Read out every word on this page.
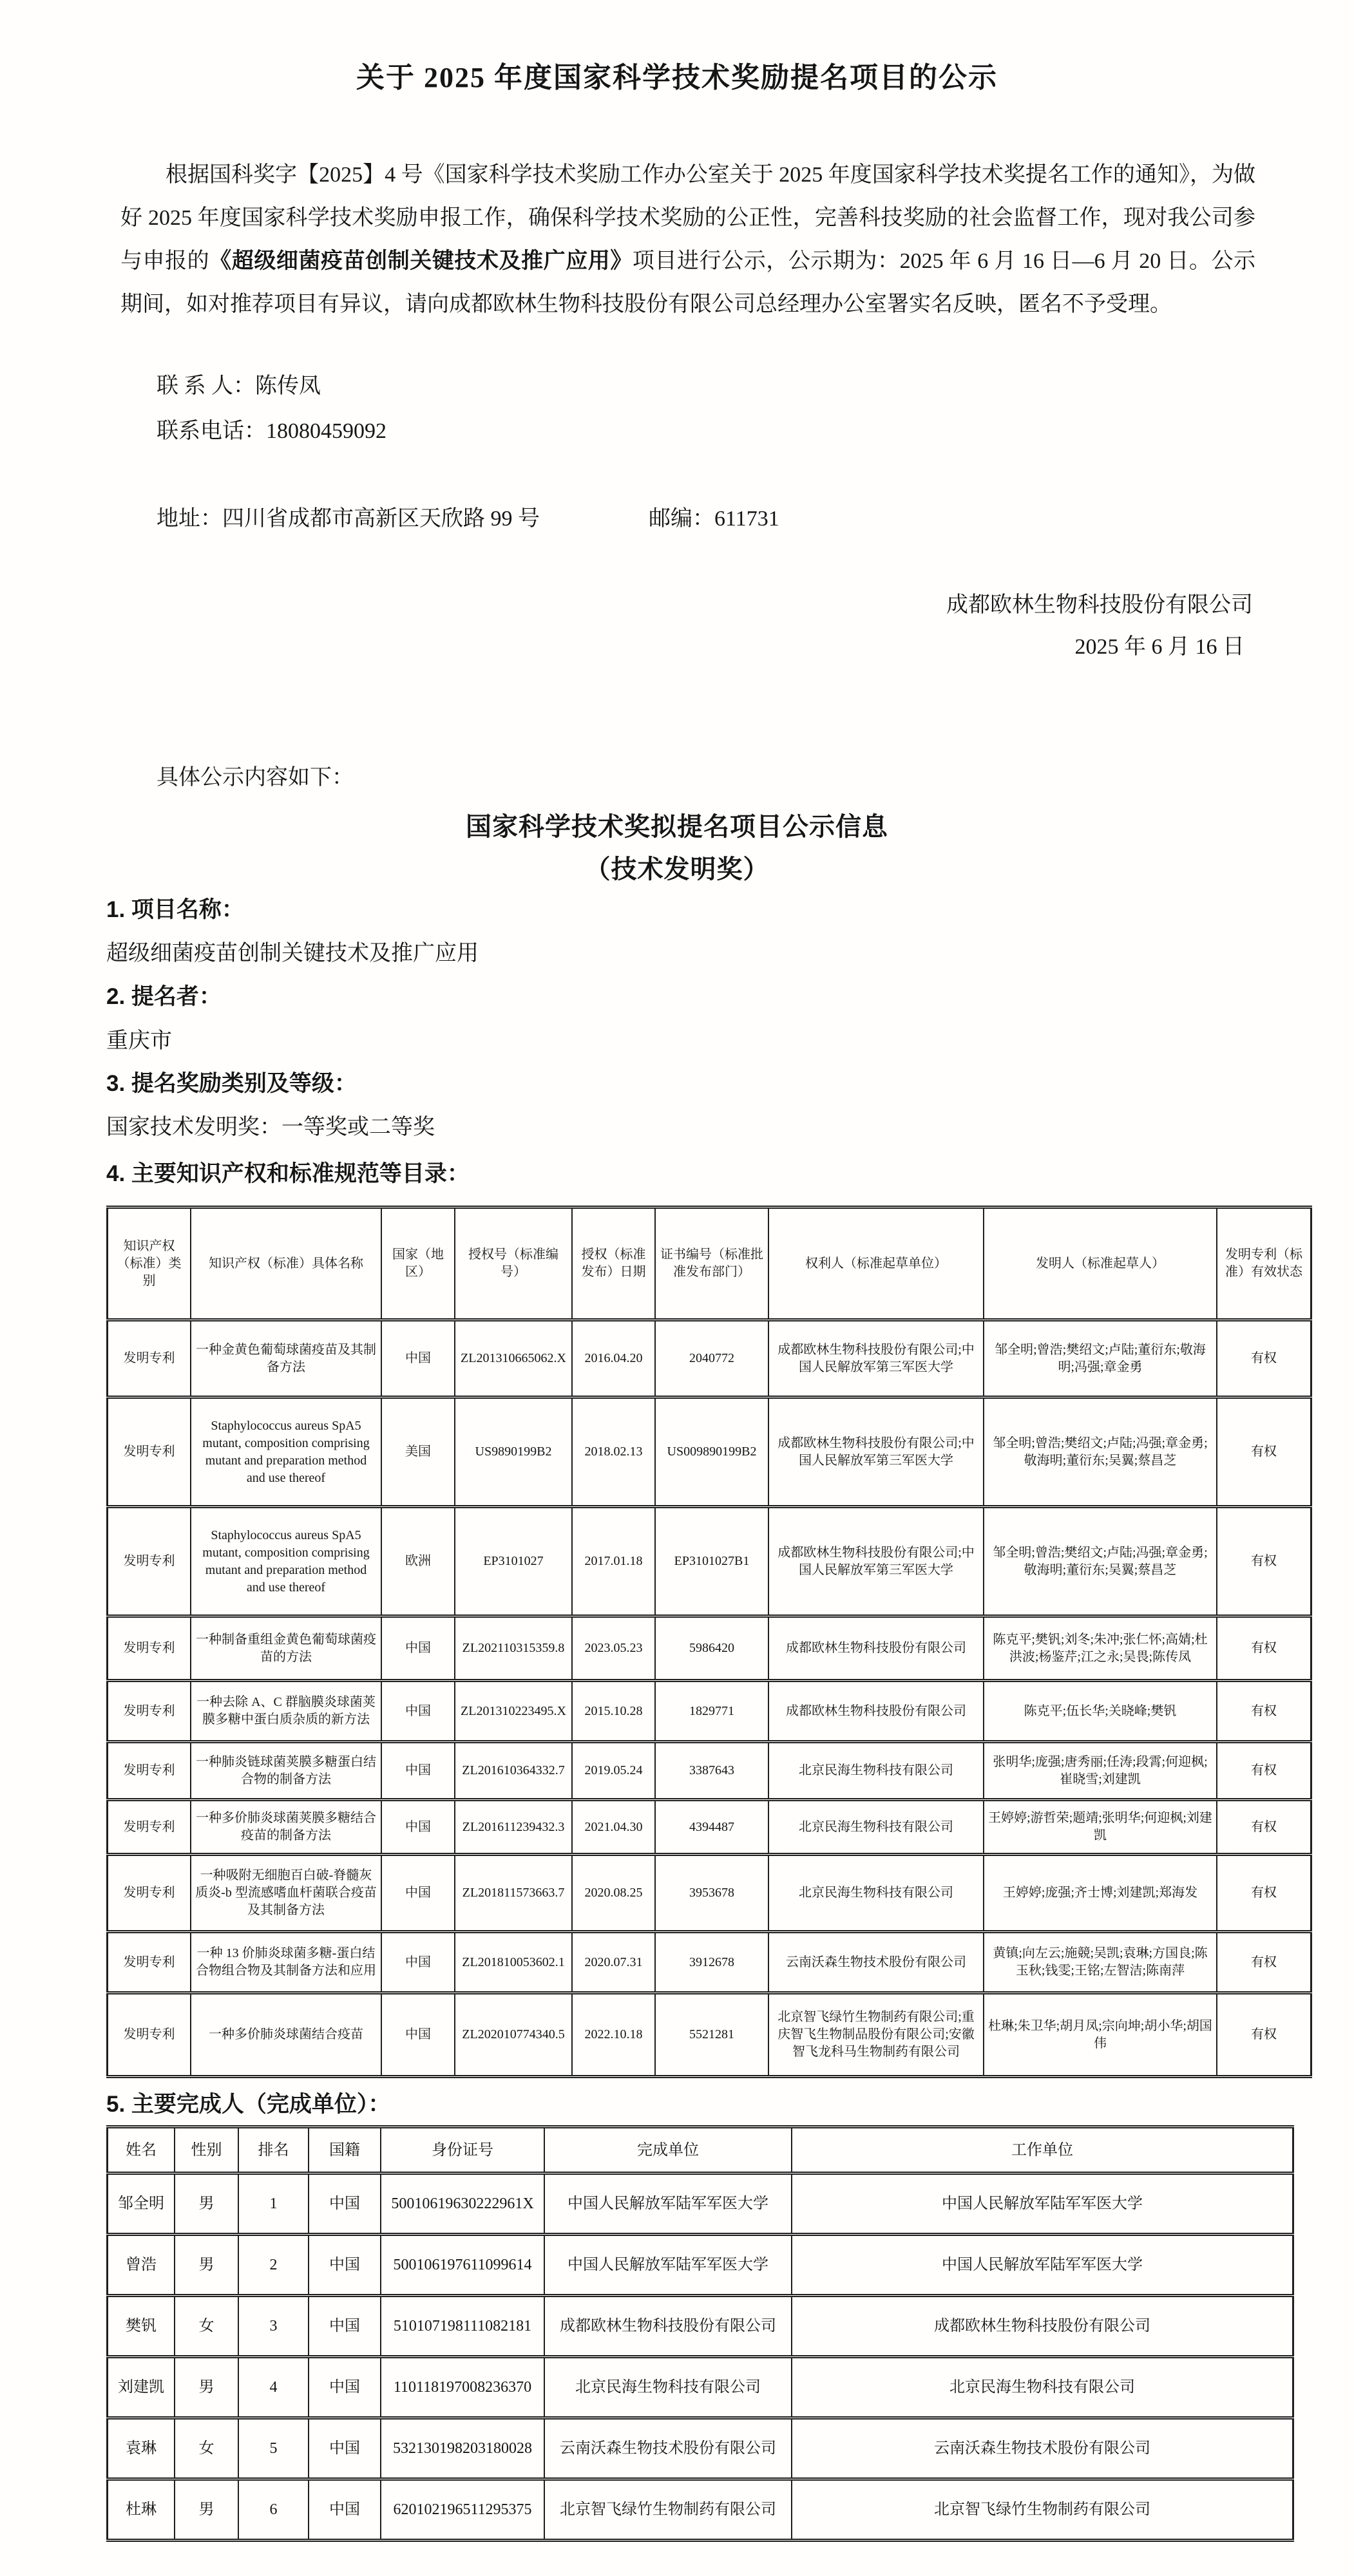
关于 2025 年度国家科学技术奖励提名项目的公示
根据国科奖字【2025】4 号《国家科学技术奖励工作办公室关于 2025 年度国家科学技术奖提名工作的通知》，为做好 2025 年度国家科学技术奖励申报工作，确保科学技术奖励的公正性，完善科技奖励的社会监督工作，现对我公司参与申报的《超级细菌疫苗创制关键技术及推广应用》项目进行公示，公示期为：2025 年 6 月 16 日—6 月 20 日。公示期间，如对推荐项目有异议，请向成都欧林生物科技股份有限公司总经理办公室署实名反映，匿名不予受理。
联 系 人：陈传凤
联系电话：18080459092
地址：四川省成都市高新区天欣路 99 号	邮编：611731
成都欧林生物科技股份有限公司
2025 年 6 月 16 日
具体公示内容如下：
国家科学技术奖拟提名项目公示信息
（技术发明奖）
1. 项目名称：
超级细菌疫苗创制关键技术及推广应用
2. 提名者：
重庆市
3. 提名奖励类别及等级：
国家技术发明奖：一等奖或二等奖
4. 主要知识产权和标准规范等目录：
知识产权（标准）类别	知识产权（标准）具体名称	国家（地区）	授权号（标准编号）	授权（标准发布）日期	证书编号（标准批准发布部门）	权利人（标准起草单位）	发明人（标准起草人）	发明专利（标准）有效状态
发明专利	一种金黄色葡萄球菌疫苗及其制备方法	中国	ZL201310665062.X	2016.04.20	2040772	成都欧林生物科技股份有限公司;中国人民解放军第三军医大学	邹全明;曾浩;樊绍文;卢陆;董衍东;敬海明;冯强;章金勇	有权
发明专利	Staphylococcus aureus SpA5 mutant, composition comprising mutant and preparation method and use thereof	美国	US9890199B2	2018.02.13	US009890199B2	成都欧林生物科技股份有限公司;中国人民解放军第三军医大学	邹全明;曾浩;樊绍文;卢陆;冯强;章金勇;敬海明;董衍东;吴翼;蔡昌芝	有权
发明专利	Staphylococcus aureus SpA5 mutant, composition comprising mutant and preparation method and use thereof	欧洲	EP3101027	2017.01.18	EP3101027B1	成都欧林生物科技股份有限公司;中国人民解放军第三军医大学	邹全明;曾浩;樊绍文;卢陆;冯强;章金勇;敬海明;董衍东;吴翼;蔡昌芝	有权
发明专利	一种制备重组金黄色葡萄球菌疫苗的方法	中国	ZL202110315359.8	2023.05.23	5986420	成都欧林生物科技股份有限公司	陈克平;樊钒;刘冬;朱冲;张仁怀;高婧;杜洪波;杨鉴芹;江之永;吴畏;陈传凤	有权
发明专利	一种去除 A、C 群脑膜炎球菌荚膜多糖中蛋白质杂质的新方法	中国	ZL201310223495.X	2015.10.28	1829771	成都欧林生物科技股份有限公司	陈克平;伍长华;关晓峰;樊钒	有权
发明专利	一种肺炎链球菌荚膜多糖蛋白结合物的制备方法	中国	ZL201610364332.7	2019.05.24	3387643	北京民海生物科技有限公司	张明华;庞强;唐秀丽;任涛;段霄;何迎枫;崔晓雪;刘建凯	有权
发明专利	一种多价肺炎球菌荚膜多糖结合疫苗的制备方法	中国	ZL201611239432.3	2021.04.30	4394487	北京民海生物科技有限公司	王婷婷;游哲荣;题靖;张明华;何迎枫;刘建凯	有权
发明专利	一种吸附无细胞百白破-脊髓灰质炎-b 型流感嗜血杆菌联合疫苗及其制备方法	中国	ZL201811573663.7	2020.08.25	3953678	北京民海生物科技有限公司	王婷婷;庞强;齐士博;刘建凯;郑海发	有权
发明专利	一种 13 价肺炎球菌多糖-蛋白结合物组合物及其制备方法和应用	中国	ZL201810053602.1	2020.07.31	3912678	云南沃森生物技术股份有限公司	黄镇;向左云;施競;吴凯;袁琳;方国良;陈玉秋;钱雯;王铭;左智洁;陈南萍	有权
发明专利	一种多价肺炎球菌结合疫苗	中国	ZL202010774340.5	2022.10.18	5521281	北京智飞绿竹生物制药有限公司;重庆智飞生物制品股份有限公司;安徽智飞龙科马生物制药有限公司	杜琳;朱卫华;胡月凤;宗向坤;胡小华;胡国伟	有权
5. 主要完成人（完成单位）：
姓名	性别	排名	国籍	身份证号	完成单位	工作单位
邹全明	男	1	中国	50010619630222961X	中国人民解放军陆军军医大学	中国人民解放军陆军军医大学
曾浩	男	2	中国	500106197611099614	中国人民解放军陆军军医大学	中国人民解放军陆军军医大学
樊钒	女	3	中国	510107198111082181	成都欧林生物科技股份有限公司	成都欧林生物科技股份有限公司
刘建凯	男	4	中国	110118197008236370	北京民海生物科技有限公司	北京民海生物科技有限公司
袁琳	女	5	中国	532130198203180028	云南沃森生物技术股份有限公司	云南沃森生物技术股份有限公司
杜琳	男	6	中国	620102196511295375	北京智飞绿竹生物制药有限公司	北京智飞绿竹生物制药有限公司
